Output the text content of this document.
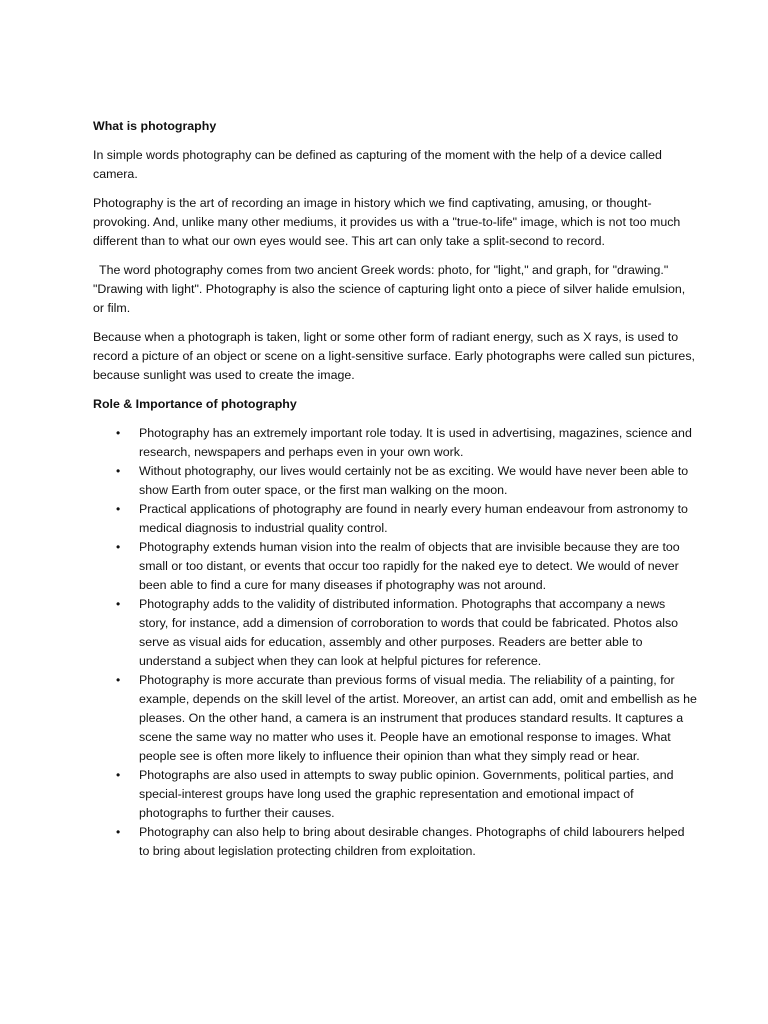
What is photography
In simple words photography can be defined as capturing of the moment with the help of a device called camera.
Photography is the art of recording an image in history which we find captivating, amusing, or thought-provoking. And, unlike many other mediums, it provides us with a "true-to-life" image, which is not too much different than to what our own eyes would see. This art can only take a split-second to record.
The word photography comes from two ancient Greek words: photo, for "light," and graph, for "drawing." "Drawing with light". Photography is also the science of capturing light onto a piece of silver halide emulsion, or film.
Because when a photograph is taken, light or some other form of radiant energy, such as X rays, is used to record a picture of an object or scene on a light-sensitive surface. Early photographs were called sun pictures, because sunlight was used to create the image.
Role & Importance of photography
• Photography has an extremely important role today. It is used in advertising, magazines, science and research, newspapers and perhaps even in your own work.
• Without photography, our lives would certainly not be as exciting. We would have never been able to show Earth from outer space, or the first man walking on the moon.
• Practical applications of photography are found in nearly every human endeavour from astronomy to medical diagnosis to industrial quality control.
• Photography extends human vision into the realm of objects that are invisible because they are too small or too distant, or events that occur too rapidly for the naked eye to detect. We would of never been able to find a cure for many diseases if photography was not around.
• Photography adds to the validity of distributed information. Photographs that accompany a news story, for instance, add a dimension of corroboration to words that could be fabricated. Photos also serve as visual aids for education, assembly and other purposes. Readers are better able to understand a subject when they can look at helpful pictures for reference.
• Photography is more accurate than previous forms of visual media. The reliability of a painting, for example, depends on the skill level of the artist. Moreover, an artist can add, omit and embellish as he pleases. On the other hand, a camera is an instrument that produces standard results. It captures a scene the same way no matter who uses it. People have an emotional response to images. What people see is often more likely to influence their opinion than what they simply read or hear.
• Photographs are also used in attempts to sway public opinion. Governments, political parties, and special-interest groups have long used the graphic representation and emotional impact of photographs to further their causes.
• Photography can also help to bring about desirable changes. Photographs of child labourers helped to bring about legislation protecting children from exploitation.
